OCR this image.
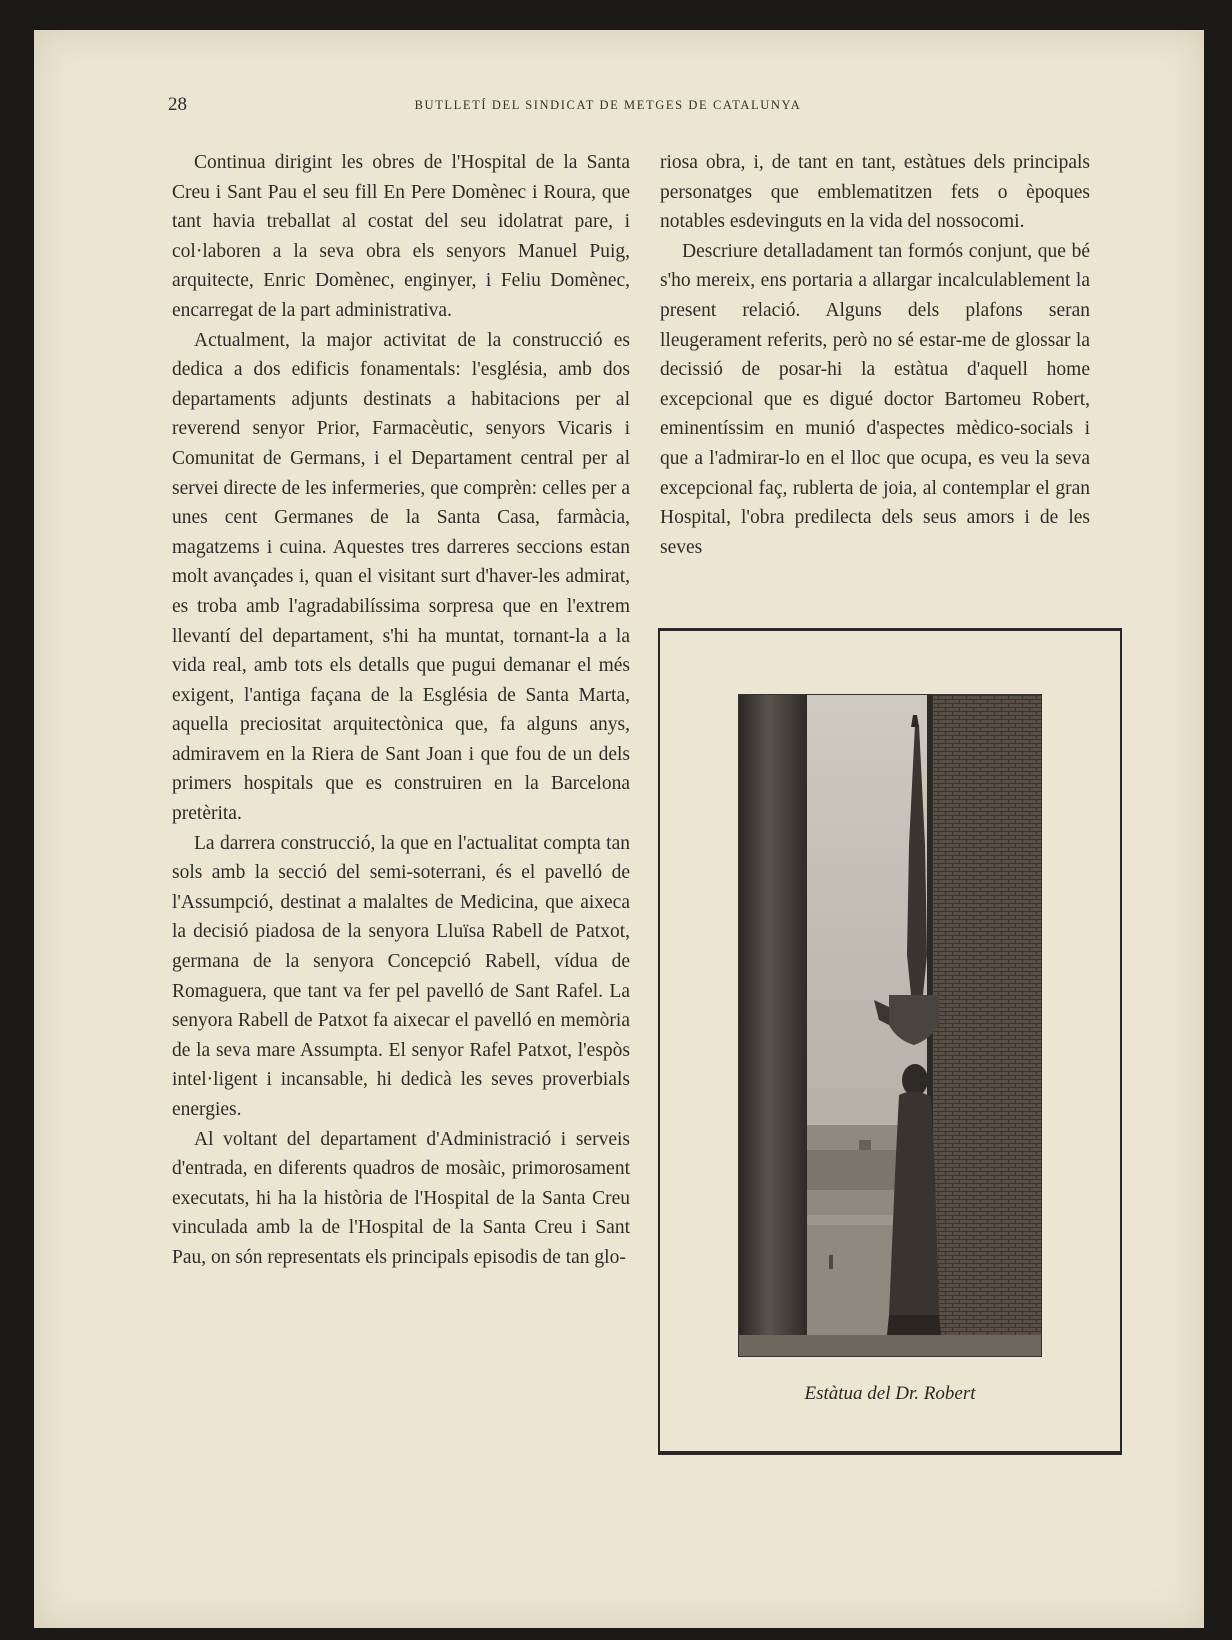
28	BUTLLETÍ DEL SINDICAT DE METGES DE CATALUNYA

Continua dirigint les obres de l'Hospital de la Santa Creu i Sant Pau el seu fill En Pere Domènec i Roura, que tant havia treballat al costat del seu idolatrat pare, i col·laboren a la seva obra els senyors Manuel Puig, arquitecte, Enric Domènec, enginyer, i Feliu Domènec, encarregat de la part administrativa.

Actualment, la major activitat de la construcció es dedica a dos edificis fonamentals: l'església, amb dos departaments adjunts destinats a habitacions per al reverend senyor Prior, Farmacèutic, senyors Vicaris i Comunitat de Germans, i el Departament central per al servei directe de les infermeries, que comprèn: celles per a unes cent Germanes de la Santa Casa, farmàcia, magatzems i cuina. Aquestes tres darreres seccions estan molt avançades i, quan el visitant surt d'haver-les admirat, es troba amb l'agradabilíssima sorpresa que en l'extrem llevantí del departament, s'hi ha muntat, tornant-la a la vida real, amb tots els detalls que pugui demanar el més exigent, l'antiga façana de la Església de Santa Marta, aquella preciositat arquitectònica que, fa alguns anys, admiravem en la Riera de Sant Joan i que fou de un dels primers hospitals que es construiren en la Barcelona pretèrita.

La darrera construcció, la que en l'actualitat compta tan sols amb la secció del semi-soterrani, és el pavelló de l'Assumpció, destinat a malaltes de Medicina, que aixeca la decisió piadosa de la senyora Lluïsa Rabell de Patxot, germana de la senyora Concepció Rabell, vídua de Romaguera, que tant va fer pel pavelló de Sant Rafel. La senyora Rabell de Patxot fa aixecar el pavelló en memòria de la seva mare Assumpta. El senyor Rafel Patxot, l'espòs intel·ligent i incansable, hi dedicà les seves proverbials energies.

Al voltant del departament d'Administració i serveis d'entrada, en diferents quadros de mosàic, primorosament executats, hi ha la història de l'Hospital de la Santa Creu vinculada amb la de l'Hospital de la Santa Creu i Sant Pau, on són representats els principals episodis de tan glo-

riosa obra, i, de tant en tant, estàtues dels principals personatges que emblematitzen fets o èpoques notables esdevinguts en la vida del nossocomi.

Descriure detalladament tan formós conjunt, que bé s'ho mereix, ens portaria a allargar incalculablement la present relació. Alguns dels plafons seran lleugerament referits, però no sé estar-me de glossar la decissió de posar-hi la estàtua d'aquell home excepcional que es digué doctor Bartomeu Robert, eminentíssim en munió d'aspectes mèdico-socials i que a l'admirar-lo en el lloc que ocupa, es veu la seva excepcional faç, rublerta de joia, al contemplar el gran Hospital, l'obra predilecta dels seus amors i de les seves

Estàtua del Dr. Robert
